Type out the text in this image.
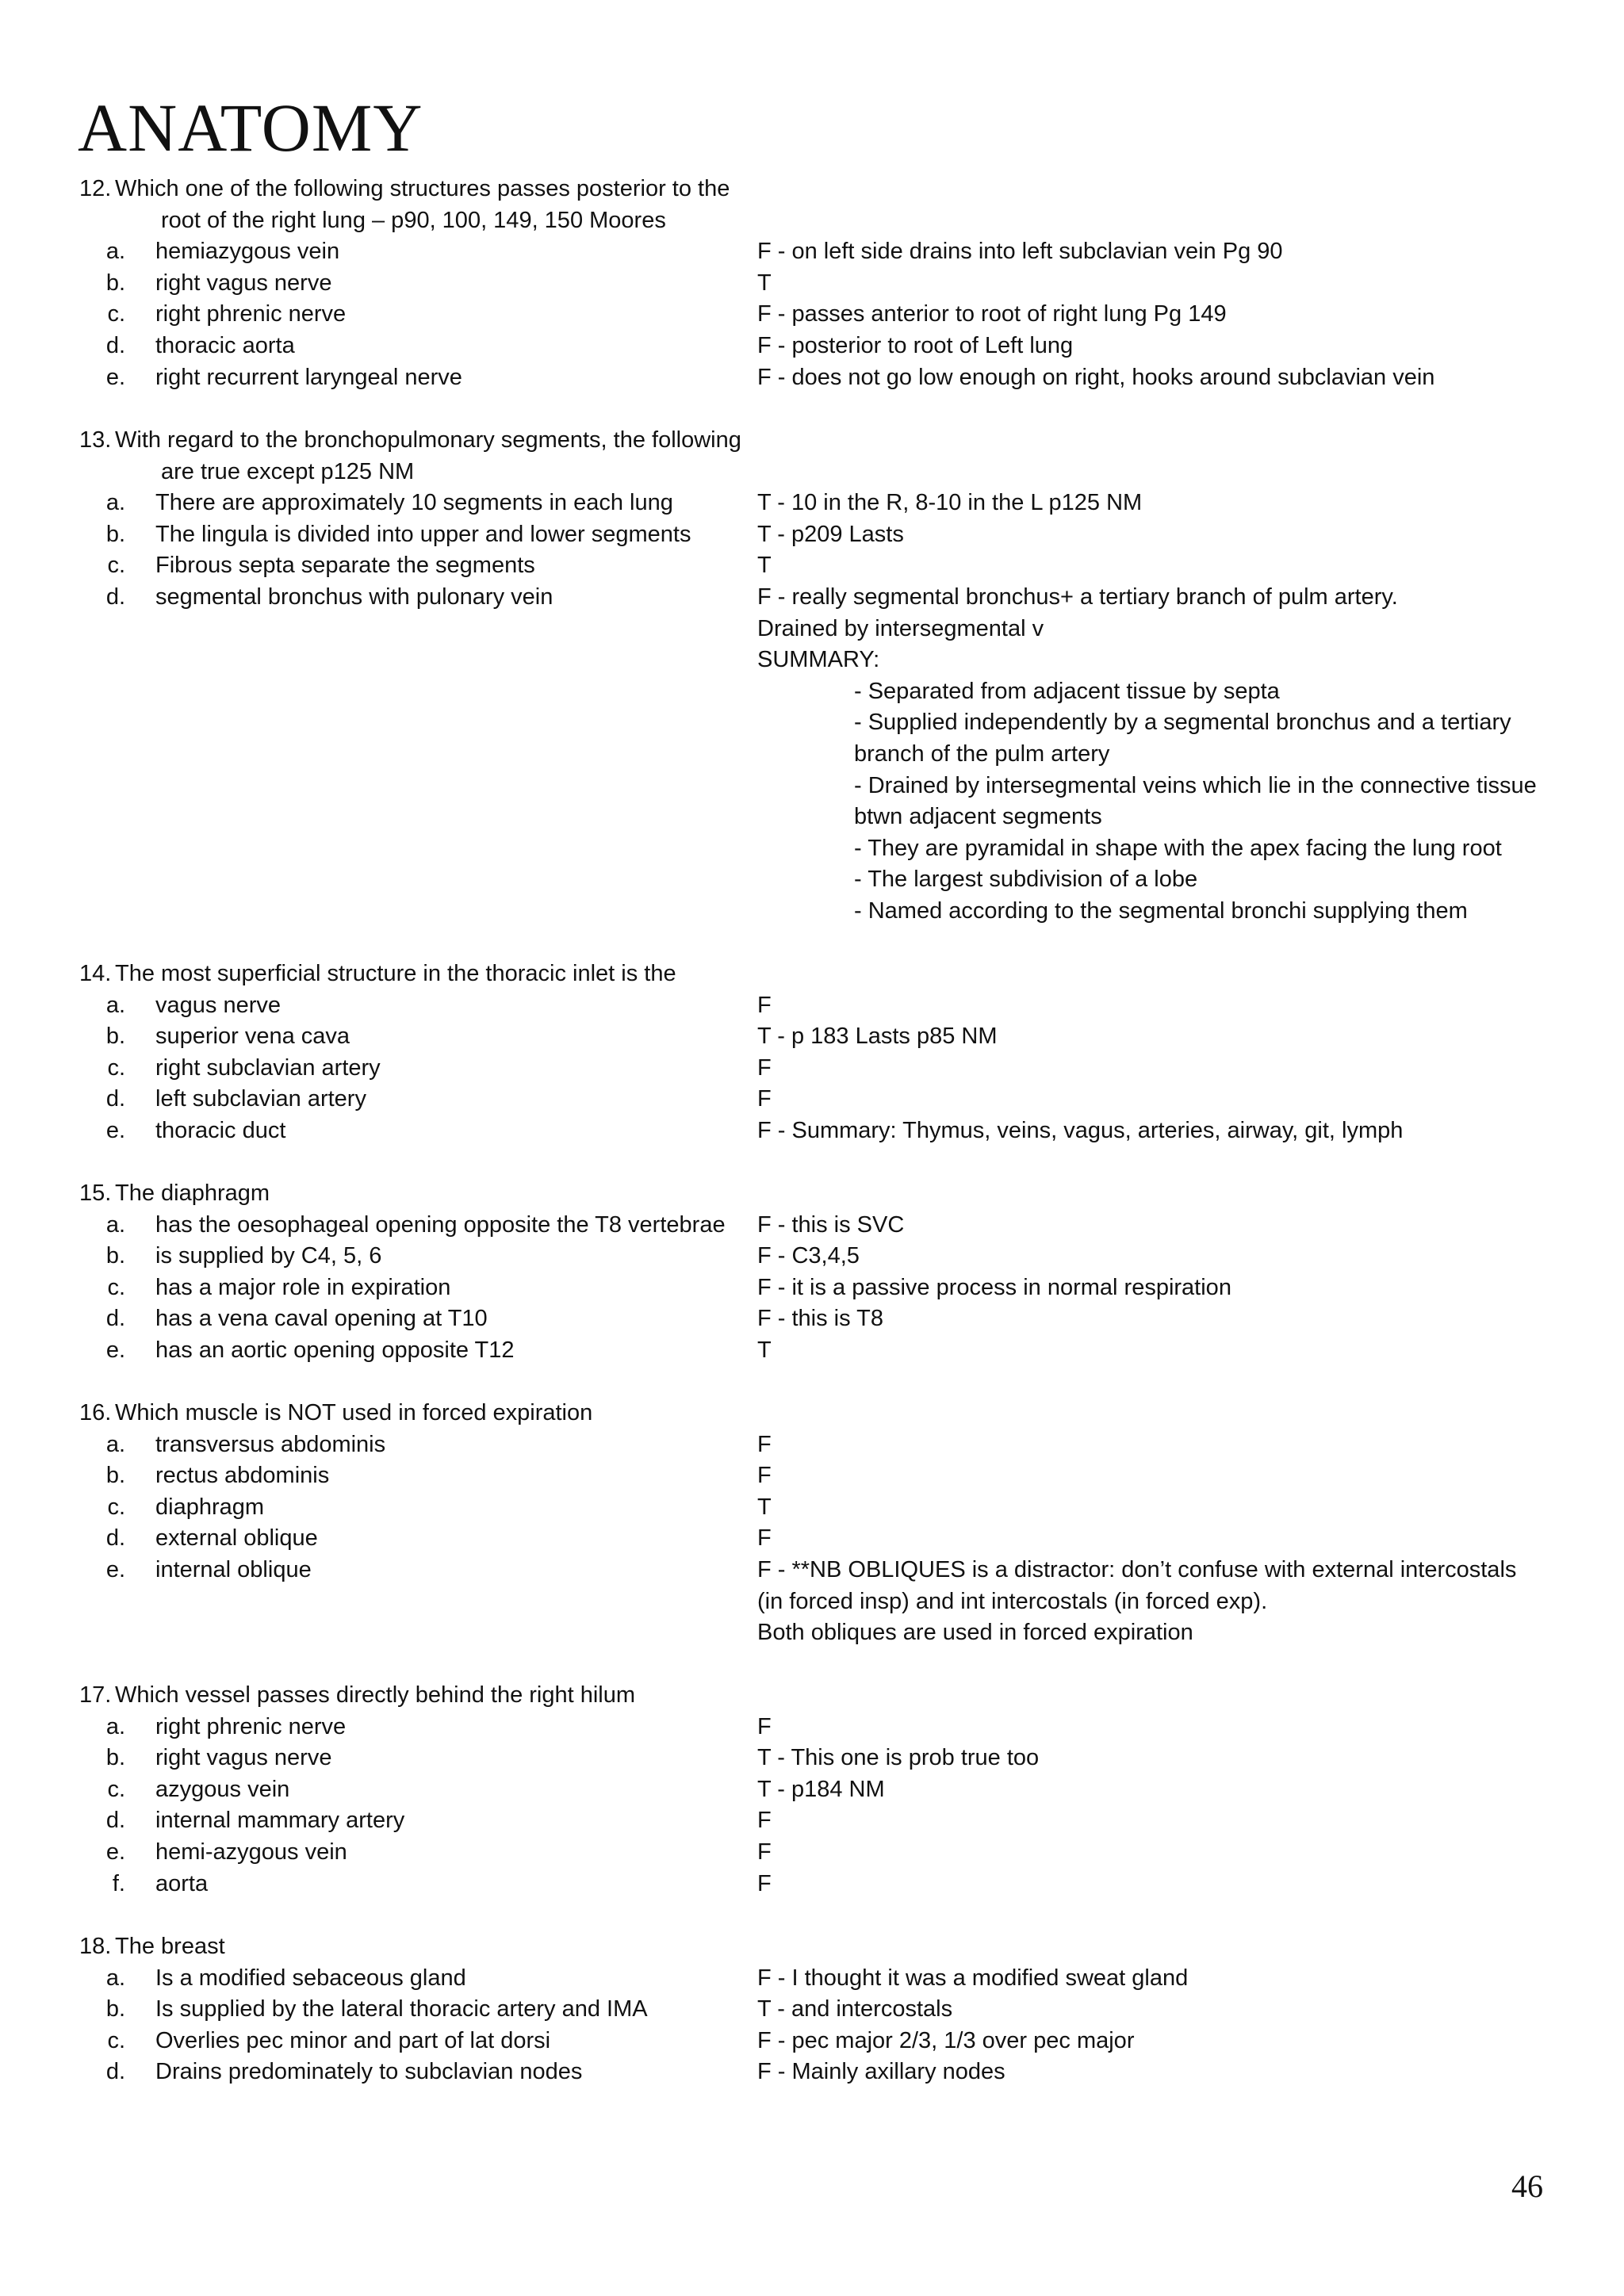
ANATOMY
12. Which one of the following structures passes posterior to the
root of the right lung – p90, 100, 149, 150 Moores
a. hemiazygous vein	F - on left side drains into left subclavian vein Pg 90
b. right vagus nerve	T
c. right phrenic nerve	F - passes anterior to root of right lung Pg 149
d. thoracic aorta	F - posterior to root of Left lung
e. right recurrent laryngeal nerve	F - does not go low enough on right, hooks around subclavian vein
13. With regard to the bronchopulmonary segments, the following
are true except p125 NM
a. There are approximately 10 segments in each lung	T - 10 in the R, 8-10 in the L p125 NM
b. The lingula is divided into upper and lower segments	T - p209 Lasts
c. Fibrous septa separate the segments	T
d. segmental bronchus with pulonary vein	F - really segmental bronchus+ a tertiary branch of pulm artery.
Drained by intersegmental v
SUMMARY:
- Separated from adjacent tissue by septa
- Supplied independently by a segmental bronchus and a tertiary
branch of the pulm artery
- Drained by intersegmental veins which lie in the connective tissue
btwn adjacent segments
- They are pyramidal in shape with the apex facing the lung root
- The largest subdivision of a lobe
- Named according to the segmental bronchi supplying them
14. The most superficial structure in the thoracic inlet is the
a. vagus nerve	F
b. superior vena cava	T - p 183 Lasts p85 NM
c. right subclavian artery	F
d. left subclavian artery	F
e. thoracic duct	F - Summary: Thymus, veins, vagus, arteries, airway, git, lymph
15. The diaphragm
a. has the oesophageal opening opposite the T8 vertebrae F - this is SVC
b. is supplied by C4, 5, 6	F - C3,4,5
c. has a major role in expiration	F - it is a passive process in normal respiration
d. has a vena caval opening at T10	F - this is T8
e. has an aortic opening opposite T12	T
16. Which muscle is NOT used in forced expiration
a. transversus abdominis	F
b. rectus abdominis	F
c. diaphragm	T
d. external oblique	F
e. internal oblique	F - **NB OBLIQUES is a distractor: don’t confuse with external intercostals
(in forced insp) and int intercostals (in forced exp).
Both obliques are used in forced expiration
17. Which vessel passes directly behind the right hilum
a. right phrenic nerve	F
b. right vagus nerve	T - This one is prob true too
c. azygous vein	T - p184 NM
d. internal mammary artery	F
e. hemi-azygous vein	F
f. aorta	F
18. The breast
a. Is a modified sebaceous gland	F - I thought it was a modified sweat gland
b. Is supplied by the lateral thoracic artery and IMA	T - and intercostals
c. Overlies pec minor and part of lat dorsi	F - pec major 2/3, 1/3 over pec major
d. Drains predominately to subclavian nodes	F - Mainly axillary nodes
46
